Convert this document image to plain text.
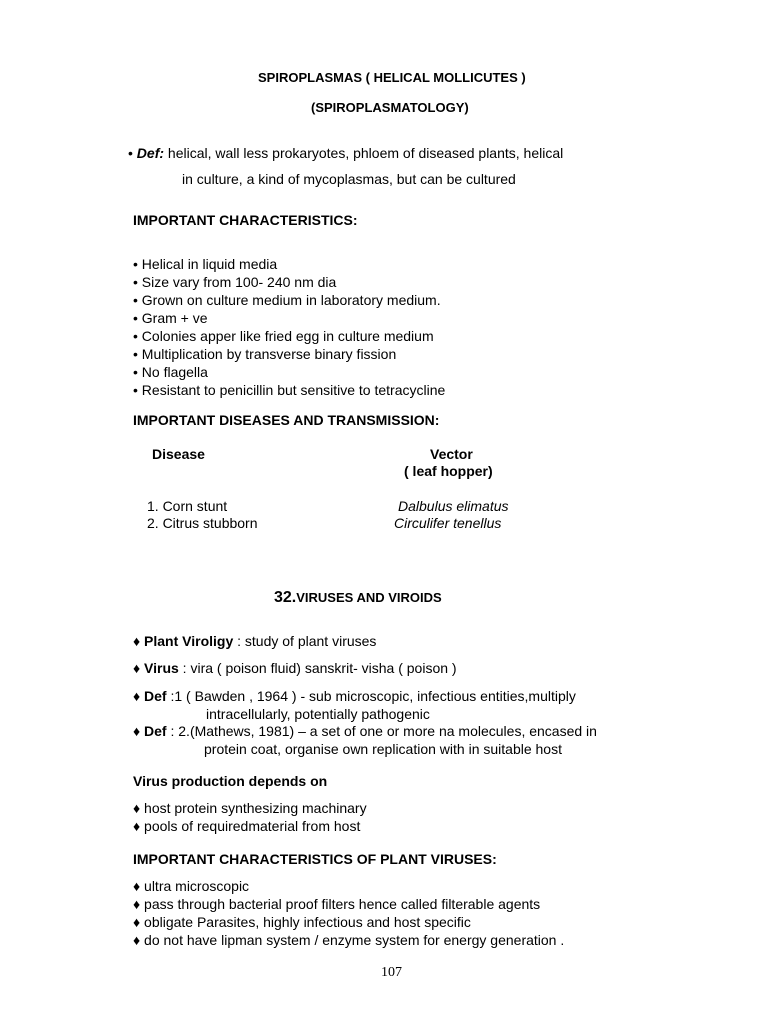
SPIROPLASMAS ( HELICAL MOLLICUTES )
(SPIROPLASMATOLOGY)
• Def: helical, wall less prokaryotes, phloem of diseased plants, helical
in culture, a kind of mycoplasmas, but can be cultured
IMPORTANT CHARACTERISTICS:
• Helical in liquid media
• Size vary from 100- 240 nm dia
• Grown on culture medium in laboratory medium.
• Gram + ve
• Colonies apper like fried egg in culture medium
• Multiplication by transverse binary fission
• No flagella
• Resistant to penicillin but sensitive to tetracycline
IMPORTANT DISEASES AND TRANSMISSION:
Disease	Vector
( leaf hopper)
1. Corn stunt	Dalbulus elimatus
2. Citrus stubborn	Circulifer tenellus
32.VIRUSES AND VIROIDS
♦ Plant Viroligy : study of plant viruses
♦ Virus : vira ( poison fluid) sanskrit- visha ( poison )
♦ Def :1 ( Bawden , 1964 ) - sub microscopic, infectious entities,multiply
intracellularly, potentially pathogenic
♦ Def : 2.(Mathews, 1981) – a set of one or more na molecules, encased in
protein coat, organise own replication with in suitable host
Virus production depends on
♦ host protein synthesizing machinary
♦ pools of requiredmaterial from host
IMPORTANT CHARACTERISTICS OF PLANT VIRUSES:
♦ ultra microscopic
♦ pass through bacterial proof filters hence called filterable agents
♦ obligate Parasites, highly infectious and host specific
♦ do not have lipman system / enzyme system for energy generation .
107
